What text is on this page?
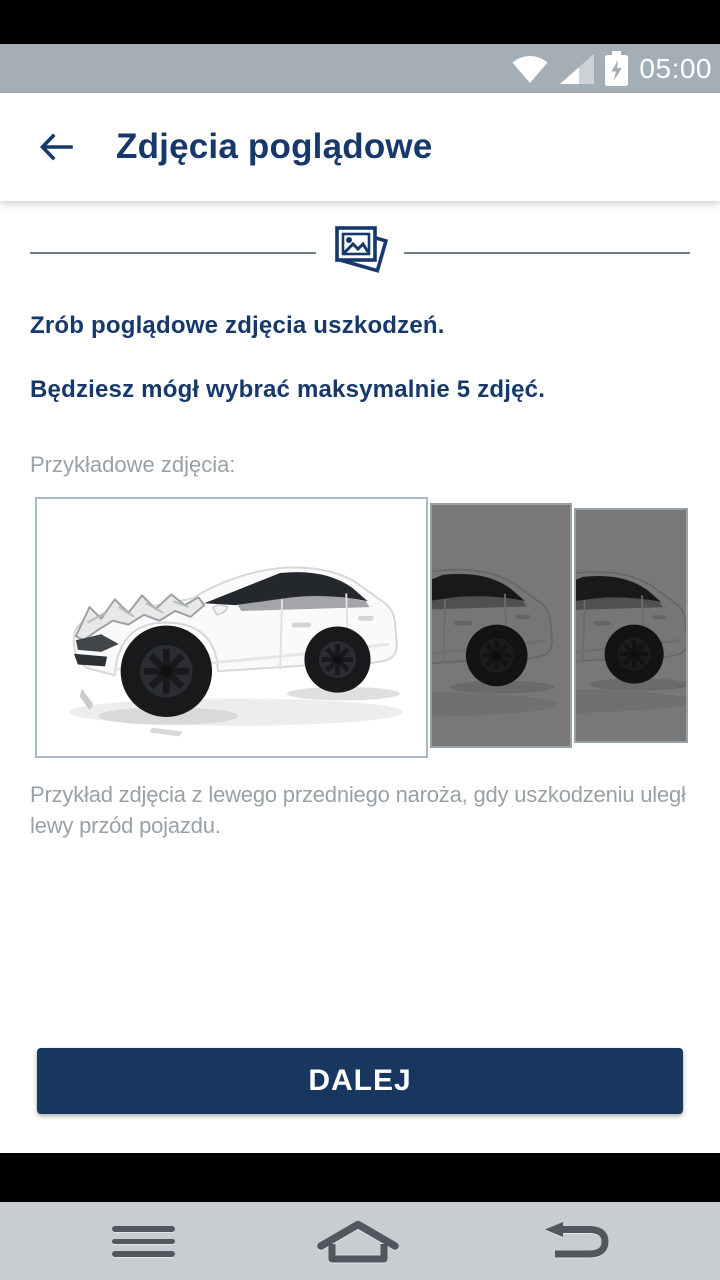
05:00
Zdjęcia poglądowe
Zrób poglądowe zdjęcia uszkodzeń.
Będziesz mógł wybrać maksymalnie 5 zdjęć.
Przykładowe zdjęcia:
Przykład zdjęcia z lewego przedniego naroża, gdy uszkodzeniu uległ lewy przód pojazdu.
DALEJ
